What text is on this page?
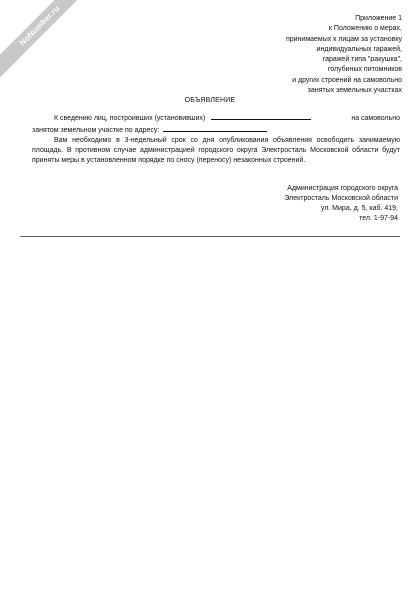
NoNumber.ru	Приложение 1
к Положению о мерах,
принимаемых к лицам за установку
индивидуальных гаражей,
гаражей типа "ракушка",
голубиных питомников
и других строений на самовольно
занятых земельных участках
ОБЪЯВЛЕНИЕ
К сведению лиц, построивших (установивших)	на самовольно
занятом земельном участке по адресу:

Вам необходимо в 3-недельный срок со дня опубликования объявления освободить занимаемую площадь. В противном случае администрацией городского округа Электросталь Московской области будут приняты меры в установленном порядке по сносу (переносу) незаконных строений.

Администрация городского округа
Электросталь Московской области
ул. Мира, д. 5, каб. 419,
тел. 1-97-94
